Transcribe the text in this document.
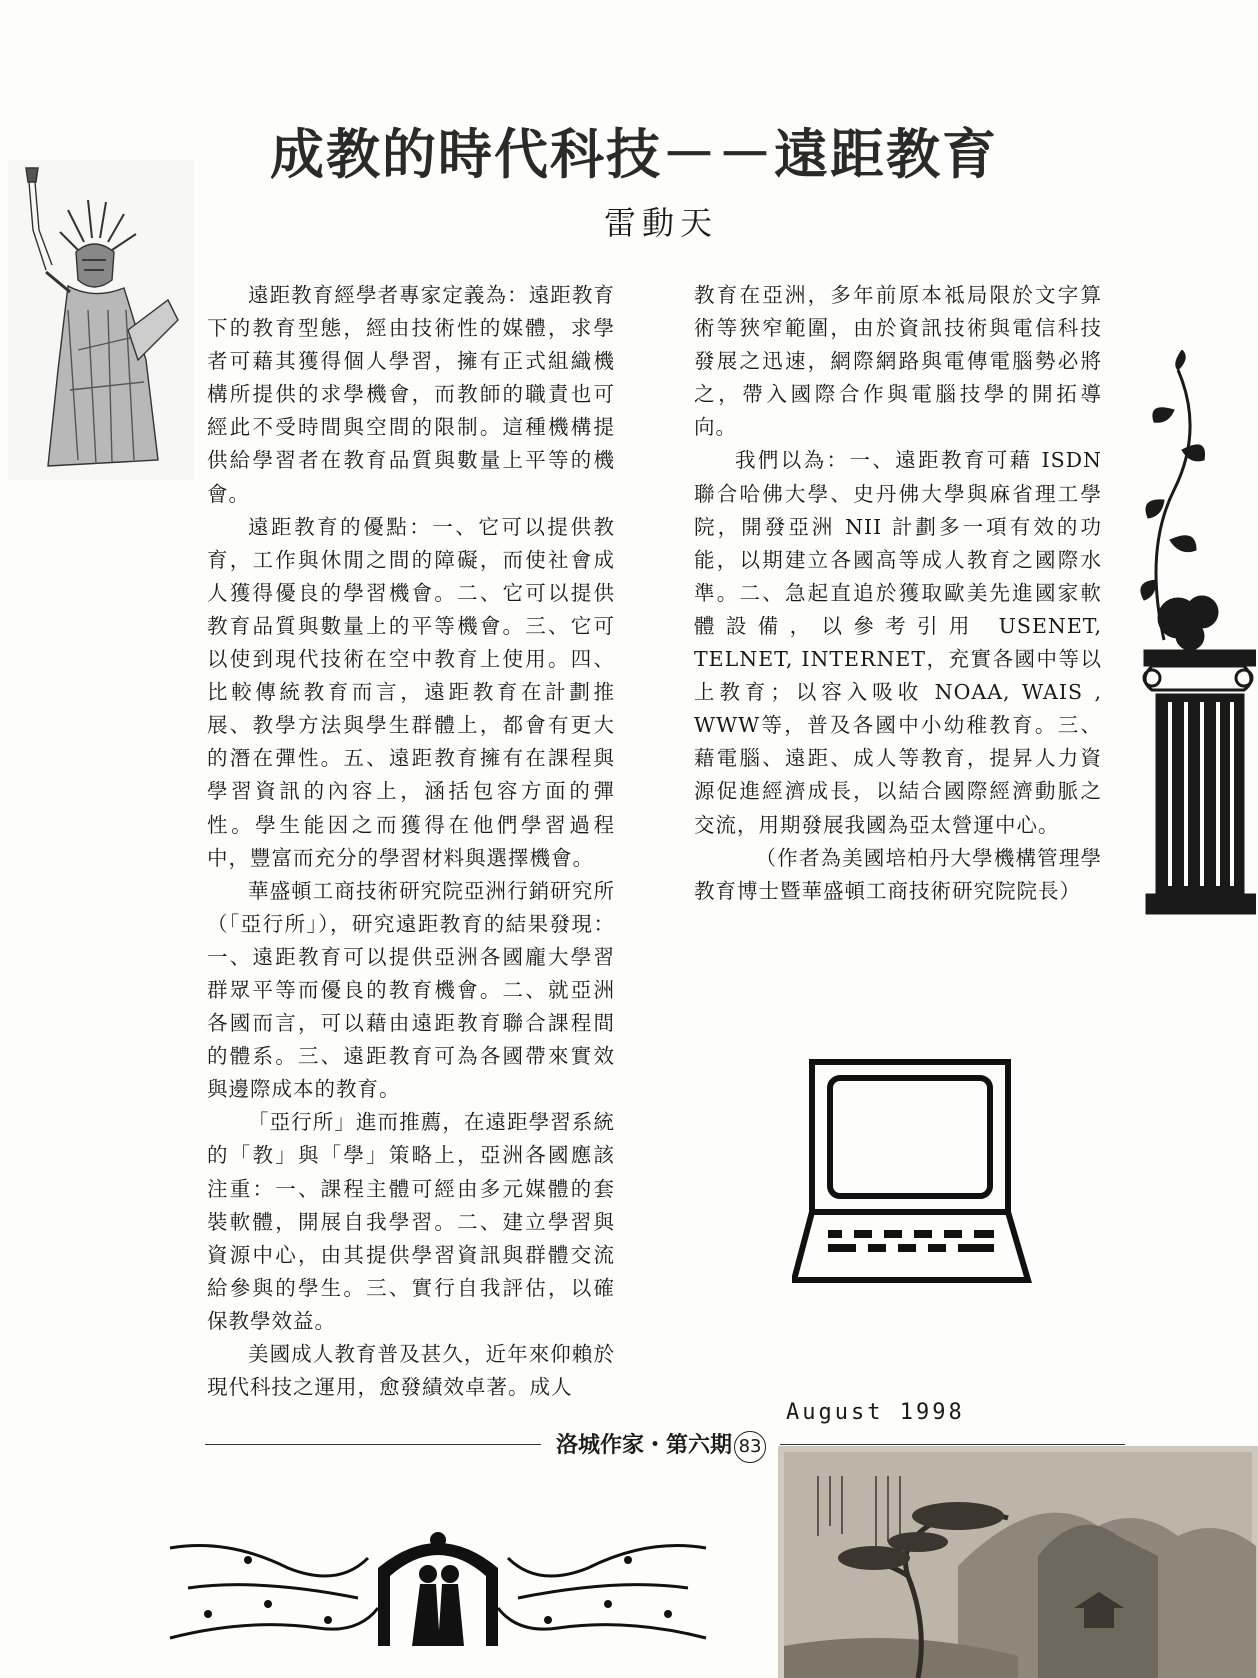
成教的時代科技－－遠距教育
雷動天

遠距教育經學者專家定義為：遠距教育下的教育型態，經由技術性的媒體，求學者可藉其獲得個人學習，擁有正式組織機構所提供的求學機會，而教師的職責也可經此不受時間與空間的限制。這種機構提供給學習者在教育品質與數量上平等的機會。

遠距教育的優點：一、它可以提供教育，工作與休閒之間的障礙，而使社會成人獲得優良的學習機會。二、它可以提供教育品質與數量上的平等機會。三、它可以使到現代技術在空中教育上使用。四、比較傳統教育而言，遠距教育在計劃推展、教學方法與學生群體上，都會有更大的潛在彈性。五、遠距教育擁有在課程與學習資訊的內容上，涵括包容方面的彈性。學生能因之而獲得在他們學習過程中，豐富而充分的學習材料與選擇機會。

華盛頓工商技術研究院亞洲行銷研究所（「亞行所」），研究遠距教育的結果發現：一、遠距教育可以提供亞洲各國龐大學習群眾平等而優良的教育機會。二、就亞洲各國而言，可以藉由遠距教育聯合課程間的體系。三、遠距教育可為各國帶來實效與邊際成本的教育。

「亞行所」進而推薦，在遠距學習系統的「教」與「學」策略上，亞洲各國應該注重：一、課程主體可經由多元媒體的套裝軟體，開展自我學習。二、建立學習與資源中心，由其提供學習資訊與群體交流給參與的學生。三、實行自我評估，以確保教學效益。

美國成人教育普及甚久，近年來仰賴於現代科技之運用，愈發績效卓著。成人

教育在亞洲，多年前原本祗局限於文字算術等狹窄範圍，由於資訊技術與電信科技發展之迅速，網際網路與電傳電腦勢必將之，帶入國際合作與電腦技學的開拓導向。

我們以為：一、遠距教育可藉 ISDN 聯合哈佛大學、史丹佛大學與麻省理工學院，開發亞洲 NII 計劃多一項有效的功能，以期建立各國高等成人教育之國際水準。二、急起直追於獲取歐美先進國家軟體設備，以參考引用 USENET, TELNET, INTERNET，充實各國中等以上教育；以容入吸收 NOAA, WAIS , WWW等，普及各國中小幼稚教育。三、藉電腦、遠距、成人等教育，提昇人力資源促進經濟成長，以結合國際經濟動脈之交流，用期發展我國為亞太營運中心。

（作者為美國培柏丹大學機構管理學教育博士暨華盛頓工商技術研究院院長）

August 1998
洛城作家・第六期 83
